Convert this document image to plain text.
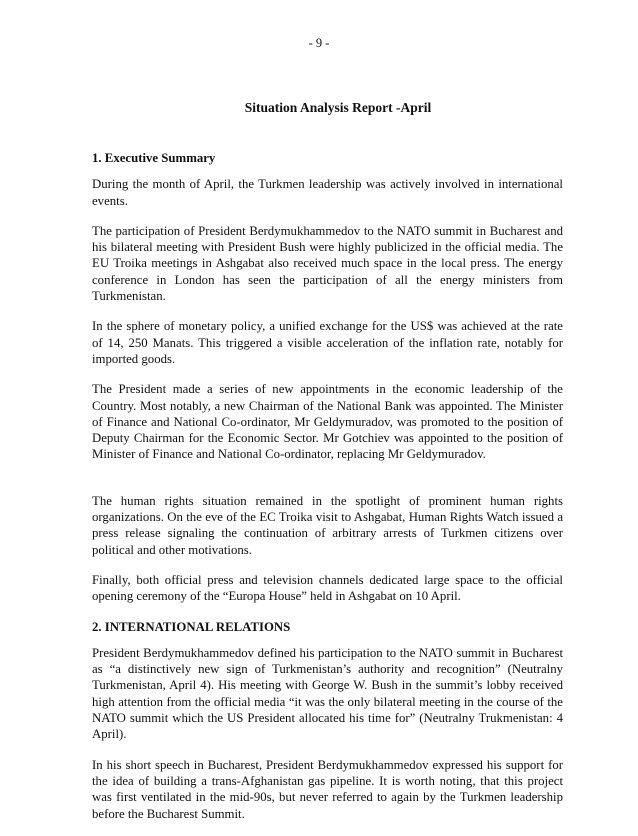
- 9 -
Situation Analysis Report -April
1. Executive Summary

During the month of April, the Turkmen leadership was actively involved in international events.

The participation of President Berdymukhammedov to the NATO summit in Bucharest and his bilateral meeting with President Bush were highly publicized in the official media. The EU Troika meetings in Ashgabat also received much space in the local press. The energy conference in London has seen the participation of all the energy ministers from Turkmenistan.

In the sphere of monetary policy, a unified exchange for the US$ was achieved at the rate of 14, 250 Manats. This triggered a visible acceleration of the inflation rate, notably for imported goods.

The President made a series of new appointments in the economic leadership of the Country. Most notably, a new Chairman of the National Bank was appointed. The Minister of Finance and National Co-ordinator, Mr Geldymuradov, was promoted to the position of Deputy Chairman for the Economic Sector. Mr Gotchiev was appointed to the position of Minister of Finance and National Co-ordinator, replacing Mr Geldymuradov.

The human rights situation remained in the spotlight of prominent human rights organizations. On the eve of the EC Troika visit to Ashgabat, Human Rights Watch issued a press release signaling the continuation of arbitrary arrests of Turkmen citizens over political and other motivations.

Finally, both official press and television channels dedicated large space to the official opening ceremony of the “Europa House” held in Ashgabat on 10 April.

2. INTERNATIONAL RELATIONS

President Berdymukhammedov defined his participation to the NATO summit in Bucharest as “a distinctively new sign of Turkmenistan’s authority and recognition” (Neutralny Turkmenistan, April 4). His meeting with George W. Bush in the summit’s lobby received high attention from the official media “it was the only bilateral meeting in the course of the NATO summit which the US President allocated his time for” (Neutralny Trukmenistan: 4 April).

In his short speech in Bucharest, President Berdymukhammedov expressed his support for the idea of building a trans-Afghanistan gas pipeline. It is worth noting, that this project was first ventilated in the mid-90s, but never referred to again by the Turkmen leadership before the Bucharest Summit.
